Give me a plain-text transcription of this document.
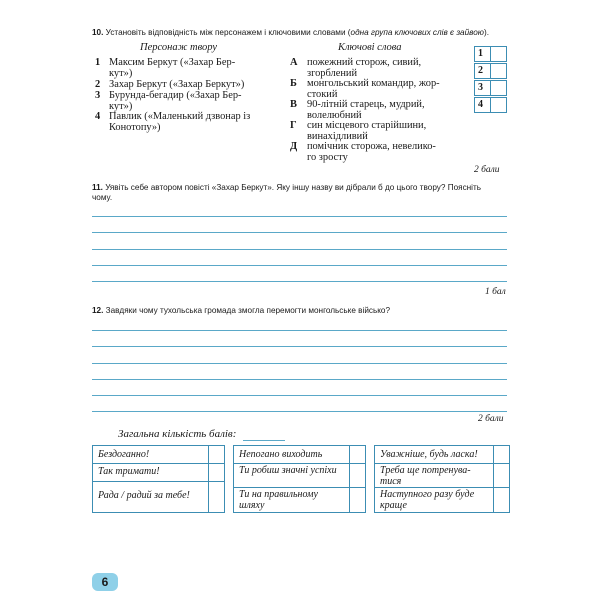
10. Установіть відповідність між персонажем і ключовими словами (одна група ключових слів є зайвою).
Персонаж твору	Ключові слова
1 Максим Беркут («Захар Бер-
кут»)
2 Захар Беркут («Захар Беркут»)
3 Бурунда-бегадир («Захар Бер-
кут»)
4 Павлик («Маленький дзвонар із
Конотопу»)
А пожежний сторож, сивий,
згорблений
Б монгольський командир, жор-
стокий
В 90-літній старець, мудрий,
волелюбний
Г син місцевого старійшини,
винахідливий
Д помічник сторожа, невелико-
го зросту
1
2
3
4
2 бали
11. Уявіть себе автором повісті «Захар Беркут». Яку іншу назву ви дібрали б до цього твору? Поясніть
чому.
1 бал
12. Завдяки чому тухольська громада змогла перемогти монгольське військо?
2 бали
Загальна кількість балів:
Бездоганно!
Так тримати!
Рада / радий за тебе!
Непогано виходить
Ти робиш значні успіхи
Ти на правильному шляху
Уважніше, будь ласка!
Треба ще потренува-тися
Наступного разу буде краще
6
